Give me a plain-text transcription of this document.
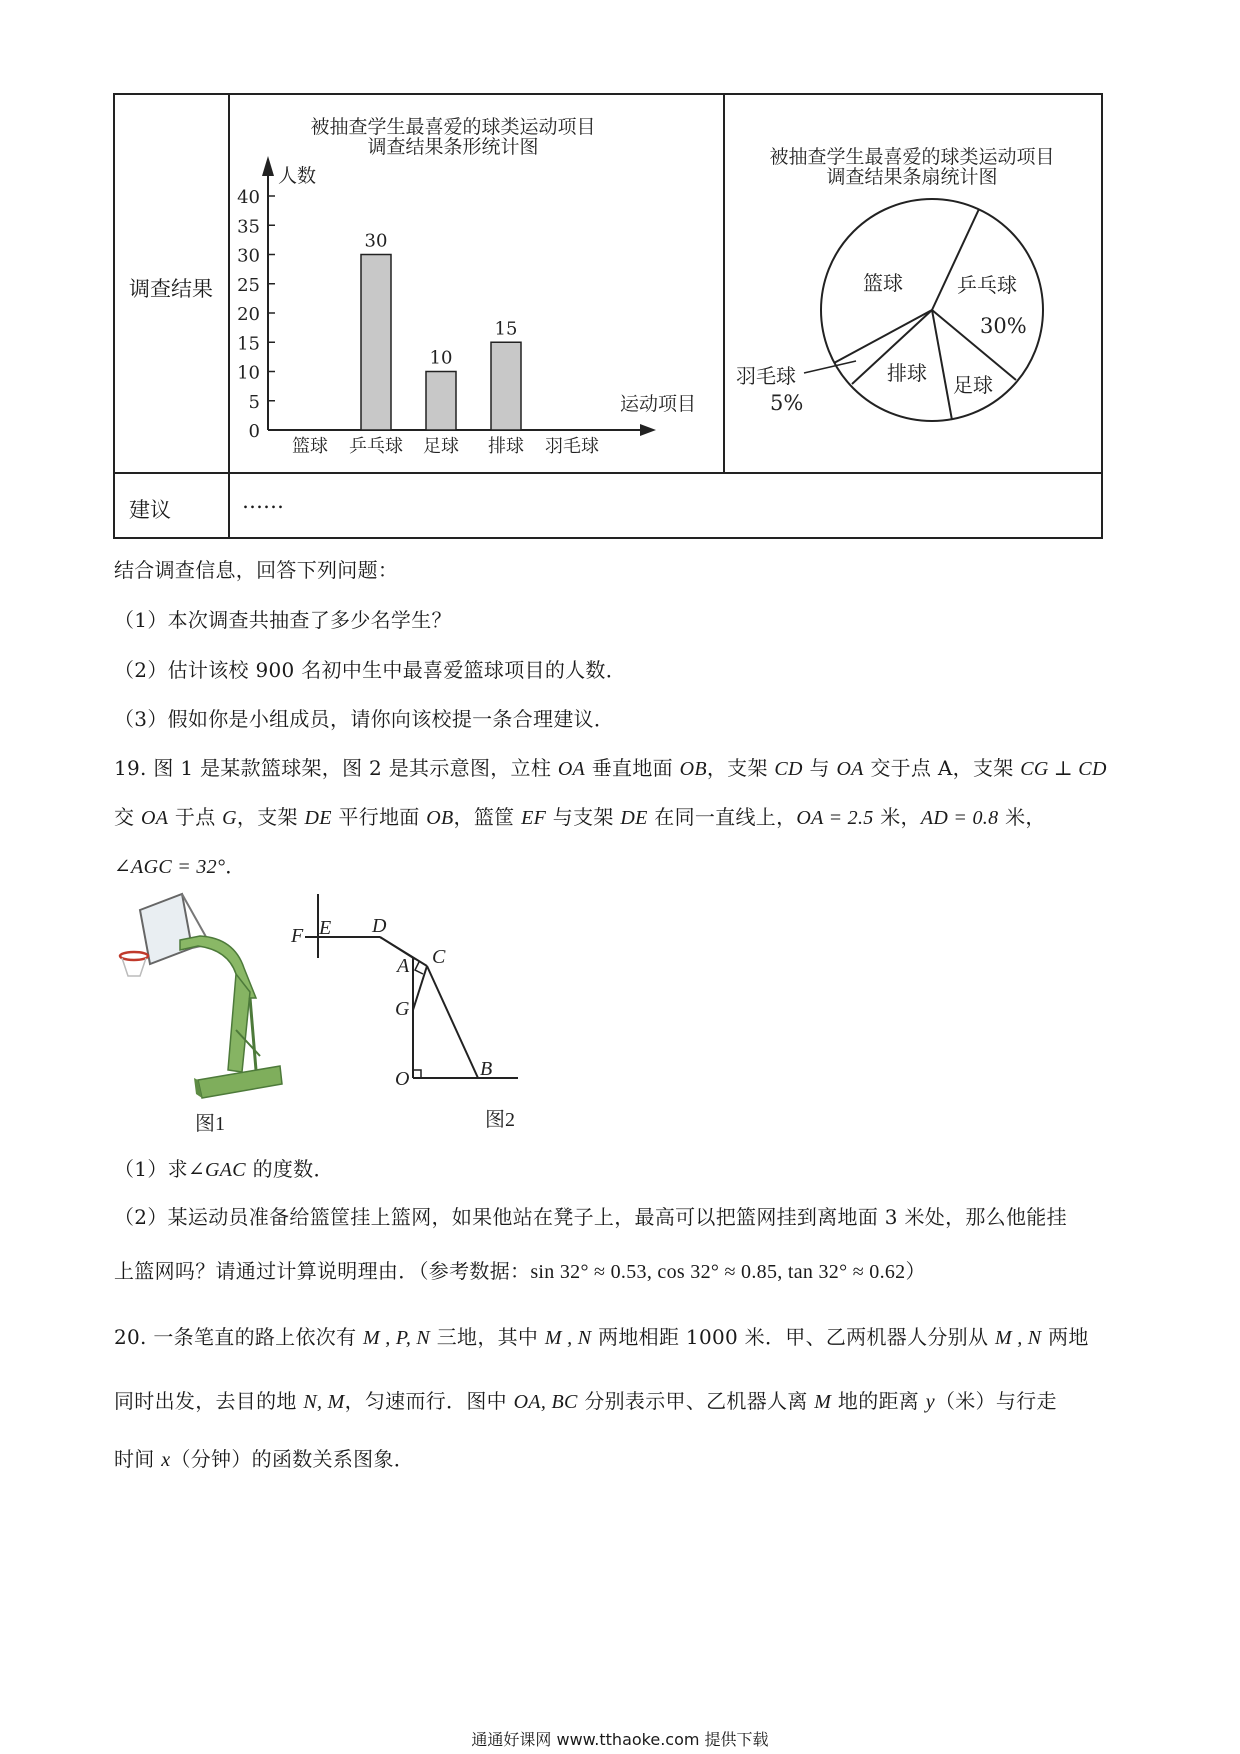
调查结果
建议	……
被抽查学生最喜爱的球类运动项目
调查结果条形统计图
人数
运动项目
0
5
10
15
20
25
30
35
40
30
10
15
篮球 乒乓球 足球 排球 羽毛球
被抽查学生最喜爱的球类运动项目
调查结果条扇统计图
篮球	乒乓球
30%
排球 足球
羽毛球
5%
结合调查信息，回答下列问题：
（1）本次调查共抽查了多少名学生？
（2）估计该校 900 名初中生中最喜爱篮球项目的人数．
（3）假如你是小组成员，请你向该校提一条合理建议．
19. 图 1 是某款篮球架，图 2 是其示意图，立柱 OA 垂直地面 OB，支架 CD 与 OA 交于点 A，支架 CG ⊥ CD
交 OA 于点 G，支架 DE 平行地面 OB，篮筐 EF 与支架 DE 在同一直线上，OA = 2.5 米，AD = 0.8 米，
∠AGC = 32°．
图1
F E D
A C
G
O	B
图2
（1）求∠GAC 的度数．
（2）某运动员准备给篮筐挂上篮网，如果他站在凳子上，最高可以把篮网挂到离地面 3 米处，那么他能挂
上篮网吗？请通过计算说明理由．（参考数据：sin 32° ≈ 0.53, cos 32° ≈ 0.85, tan 32° ≈ 0.62）
20. 一条笔直的路上依次有 M , P, N 三地，其中 M , N 两地相距 1000 米．甲、乙两机器人分别从 M , N 两地
同时出发，去目的地 N, M，匀速而行．图中 OA, BC 分别表示甲、乙机器人离 M 地的距离 y（米）与行走
时间 x（分钟）的函数关系图象．
通通好课网 www.tthaoke.com 提供下载
